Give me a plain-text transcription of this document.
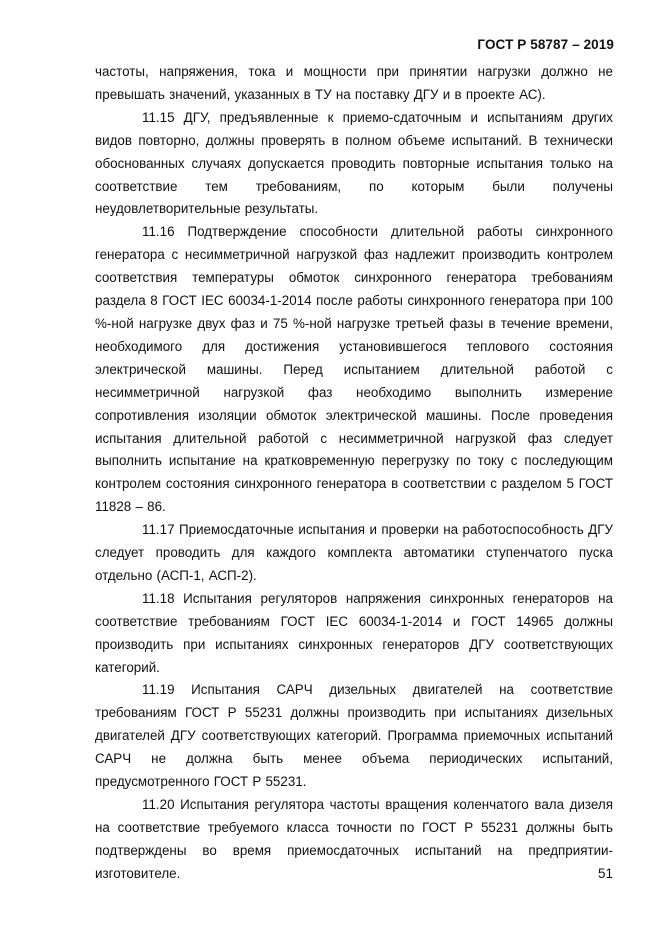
ГОСТ Р 58787 – 2019

частоты, напряжения, тока и мощности при принятии нагрузки должно не превышать значений, указанных в ТУ на поставку ДГУ и в проекте АС).

11.15 ДГУ, предъявленные к приемо-сдаточным и испытаниям других видов повторно, должны проверять в полном объеме испытаний. В технически обоснованных случаях допускается проводить повторные испытания только на соответствие тем требованиям, по которым были получены неудовлетворительные результаты.

11.16 Подтверждение способности длительной работы синхронного генератора с несимметричной нагрузкой фаз надлежит производить контролем соответствия температуры обмоток синхронного генератора требованиям раздела 8 ГОСТ IEC 60034-1-2014 после работы синхронного генератора при 100 %-ной нагрузке двух фаз и 75 %-ной нагрузке третьей фазы в течение времени, необходимого для достижения установившегося теплового состояния электрической машины. Перед испытанием длительной работой с несимметричной нагрузкой фаз необходимо выполнить измерение сопротивления изоляции обмоток электрической машины. После проведения испытания длительной работой с несимметричной нагрузкой фаз следует выполнить испытание на кратковременную перегрузку по току с последующим контролем состояния синхронного генератора в соответствии с разделом 5 ГОСТ 11828 – 86.

11.17 Приемосдаточные испытания и проверки на работоспособность ДГУ следует проводить для каждого комплекта автоматики ступенчатого пуска отдельно (АСП-1, АСП-2).

11.18 Испытания регуляторов напряжения синхронных генераторов на соответствие требованиям ГОСТ IEC 60034-1-2014 и ГОСТ 14965 должны производить при испытаниях синхронных генераторов ДГУ соответствующих категорий.

11.19 Испытания САРЧ дизельных двигателей на соответствие требованиям ГОСТ Р 55231 должны производить при испытаниях дизельных двигателей ДГУ соответствующих категорий. Программа приемочных испытаний САРЧ не должна быть менее объема периодических испытаний, предусмотренного ГОСТ Р 55231.

11.20 Испытания регулятора частоты вращения коленчатого вала дизеля на соответствие требуемого класса точности по ГОСТ Р 55231 должны быть подтверждены во время приемосдаточных испытаний на предприятии-изготовителе.	51
